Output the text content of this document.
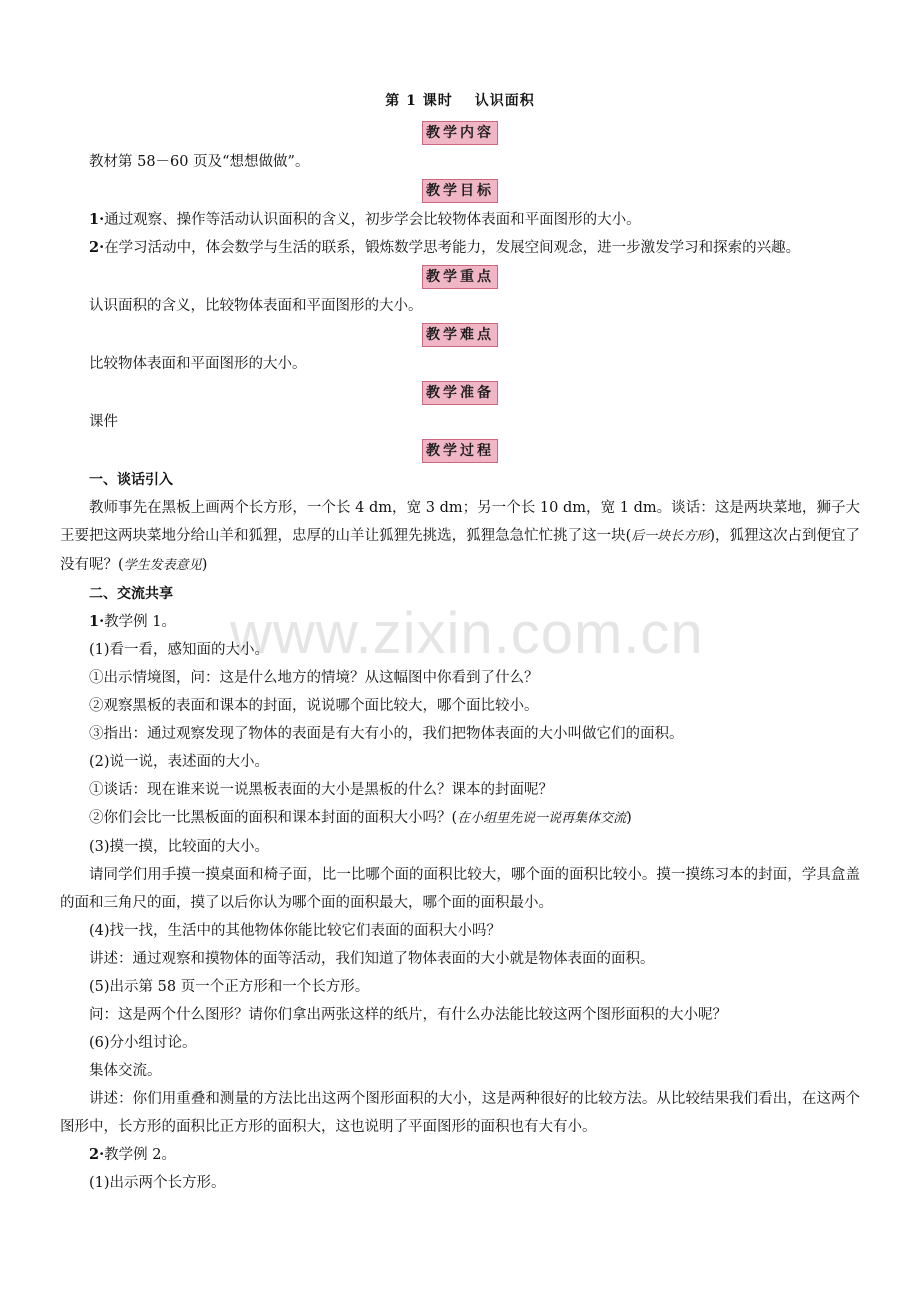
www.zixin.com.cn
第 1 课时 认识面积
教学内容

教材第 58－60 页及“想想做做”。

教学目标

1·通过观察、操作等活动认识面积的含义，初步学会比较物体表面和平面图形的大小。

2·在学习活动中，体会数学与生活的联系，锻炼数学思考能力，发展空间观念，进一步激发学习和探索的兴趣。

教学重点

认识面积的含义，比较物体表面和平面图形的大小。

教学难点

比较物体表面和平面图形的大小。

教学准备

课件

教学过程

一、谈话引入

教师事先在黑板上画两个长方形，一个长 4 dm，宽 3 dm；另一个长 10 dm，宽 1 dm。谈话：这是两块菜地，狮子大王要把这两块菜地分给山羊和狐狸，忠厚的山羊让狐狸先挑选，狐狸急急忙忙挑了这一块(后一块长方形)，狐狸这次占到便宜了没有呢？(学生发表意见)

二、交流共享

1·教学例 1。

(1)看一看，感知面的大小。

①出示情境图，问：这是什么地方的情境？从这幅图中你看到了什么？

②观察黑板的表面和课本的封面，说说哪个面比较大，哪个面比较小。

③指出：通过观察发现了物体的表面是有大有小的，我们把物体表面的大小叫做它们的面积。

(2)说一说，表述面的大小。

①谈话：现在谁来说一说黑板表面的大小是黑板的什么？课本的封面呢？

②你们会比一比黑板面的面积和课本封面的面积大小吗？(在小组里先说一说再集体交流)

(3)摸一摸，比较面的大小。

请同学们用手摸一摸桌面和椅子面，比一比哪个面的面积比较大，哪个面的面积比较小。摸一摸练习本的封面，学具盒盖的面和三角尺的面，摸了以后你认为哪个面的面积最大，哪个面的面积最小。

(4)找一找，生活中的其他物体你能比较它们表面的面积大小吗？

讲述：通过观察和摸物体的面等活动，我们知道了物体表面的大小就是物体表面的面积。

(5)出示第 58 页一个正方形和一个长方形。

问：这是两个什么图形？请你们拿出两张这样的纸片，有什么办法能比较这两个图形面积的大小呢？

(6)分小组讨论。

集体交流。

讲述：你们用重叠和测量的方法比出这两个图形面积的大小，这是两种很好的比较方法。从比较结果我们看出，在这两个图形中，长方形的面积比正方形的面积大，这也说明了平面图形的面积也有大有小。

2·教学例 2。

(1)出示两个长方形。
